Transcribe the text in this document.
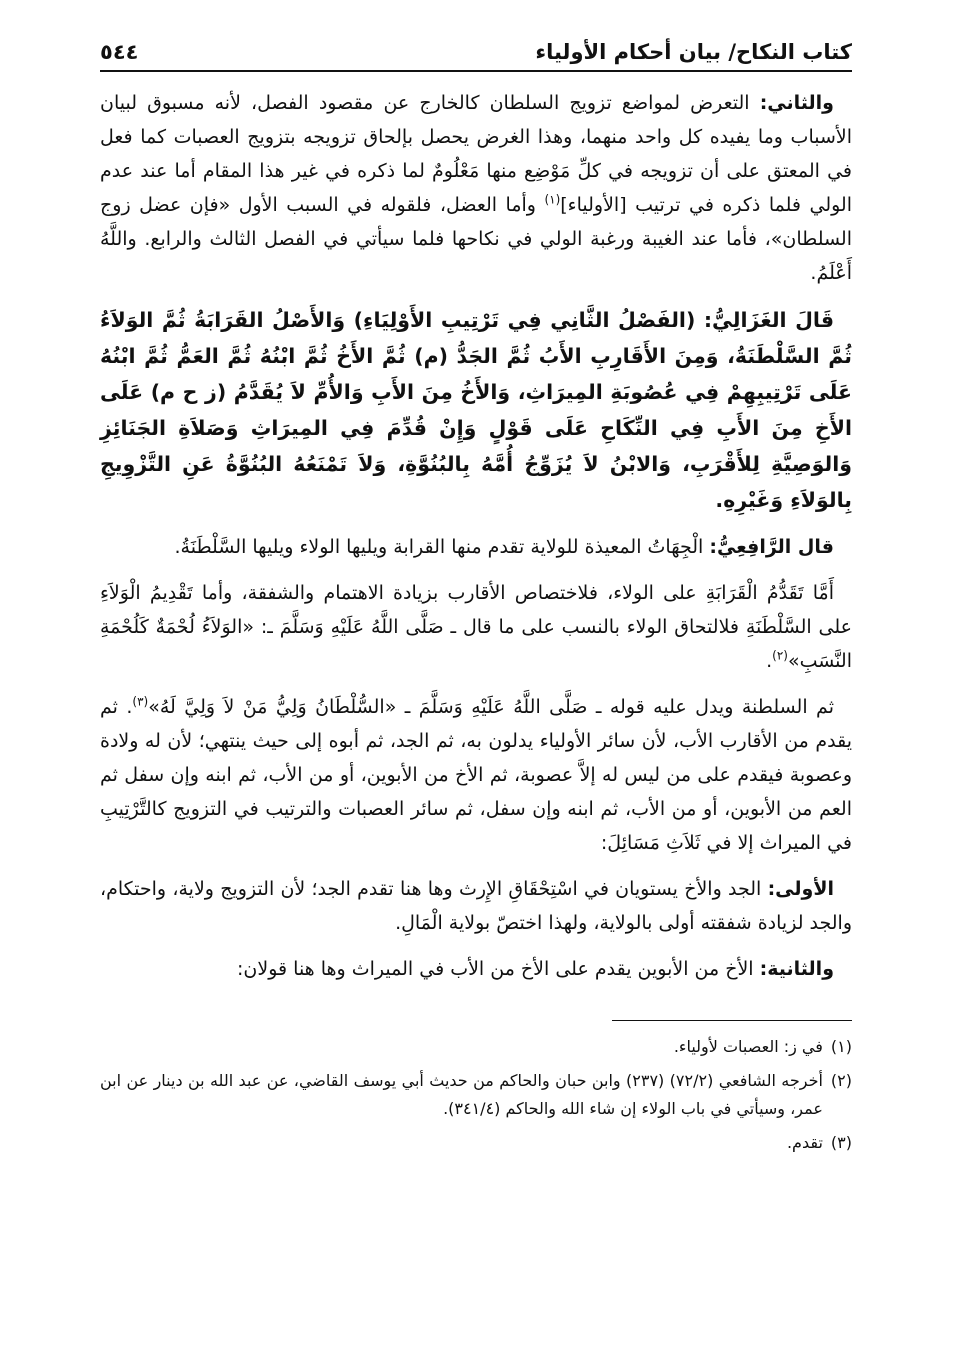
كتاب النكاح/ بيان أحكام الأولياء
٥٤٤

والثاني: التعرض لمواضع تزويج السلطان كالخارج عن مقصود الفصل، لأنه مسبوق لبيان الأسباب وما يفيده كل واحد منهما، وهذا الغرض يحصل بإلحاق تزويجه بتزويج العصبات كما فعل في المعتق على أن تزويجه في كلِّ مَوْضِع منها مَعْلُومٌ لما ذكره في غير هذا المقام أما عند عدم الولي فلما ذكره في ترتيب [الأولياء]$^{(١)}$ وأما العضل، فلقوله في السبب الأول «فإن عضل زوج السلطان»، فأما عند الغيبة ورغبة الولي في نكاحها فلما سيأتي في الفصل الثالث والرابع. واللَّهُ أَعْلَمُ.

قَالَ الغَزَالِيُّ: (الفَصْلُ الثَّانِي فِي تَرْتِيبِ الأَوْلِيَاءِ) وَالأَصْلُ القَرَابَةُ ثُمَّ الوَلاَءُ ثُمَّ السَّلْطَنَةُ، وَمِنَ الأَقَارِبِ الأَبُ ثُمَّ الجَدُّ (م) ثُمَّ الأَخُ ثُمَّ ابْنُهُ ثُمَّ العَمُّ ثُمَّ ابْنُهُ عَلَى تَرْتِيبِهِمْ فِي عُصُوبَةِ المِيرَاثِ، وَالأَخُ مِنَ الأَبِ وَالأُمِّ لاَ يُقَدَّمُ (ز ح م) عَلَى الأَخِ مِنَ الأَبِ فِي النِّكَاحِ عَلَى قَوْلٍ وَإِنْ قُدِّمَ فِي المِيرَاثِ وَصَلاَةِ الجَنَائِزِ وَالوَصِيَّةِ لِلأَقْرَبِ، وَالابْنُ لاَ يُزَوِّجُ أُمَّهُ بِالبُنُوَّةِ، وَلاَ تَمْنَعُهُ البُنُوَّةُ عَنِ التَّزْوِيجِ بِالوَلاَءِ وَغَيْرِهِ.

قال الرَّافِعِيُّ: الْجِهَاتُ المعيذة للولاية تقدم منها القرابة ويليها الولاء ويليها السَّلْطَنَةُ.

أَمَّا تَقَدُّمُ الْقَرَابَةِ على الولاء، فلاختصاص الأقارب بزيادة الاهتمام والشفقة، وأما تَقْدِيمُ الْوَلاَءِ على السَّلْطَنَةِ فلالتحاق الولاء بالنسب على ما قال ـ صَلَّى اللَّهُ عَلَيْهِ وَسَلَّمَ ـ: «الوَلاَءُ لُحْمَةٌ كَلُحْمَةِ النَّسَبِ»$^{(٢)}$.

ثم السلطنة ويدل عليه قوله ـ صَلَّى اللَّهُ عَلَيْهِ وَسَلَّمَ ـ «السُّلْطَانُ وَلِيُّ مَنْ لاَ وَلِيَّ لَهُ»$^{(٣)}$. ثم يقدم من الأقارب الأب، لأن سائر الأولياء يدلون به، ثم الجد، ثم أبوه إلى حيث ينتهي؛ لأن له ولادة وعصوبة فيقدم على من ليس له إلاَّ عصوبة، ثم الأخ من الأبوين، أو من الأب، ثم ابنه وإن سفل ثم العم من الأبوين، أو من الأب، ثم ابنه وإن سفل، ثم سائر العصبات والترتيب في التزويج كالتَّرْتِيبِ في الميراث إلا في ثَلاَثِ مَسَائِلَ:

الأولى: الجد والأخ يستويان في اسْتِحْقَاقِ الإِرث وها هنا تقدم الجد؛ لأن التزويج ولاية، واحتكام، والجد لزيادة شفقته أولى بالولاية، ولهذا اختصّ بولاية الْمَالِ.

والثانية: الأخ من الأبوين يقدم على الأخ من الأب في الميراث وها هنا قولان:

(١)
في ز: العصبات لأولياء.
(٢)
أخرجه الشافعي (٧٢/٢) (٢٣٧) وابن حبان والحاكم من حديث أبي يوسف القاضي، عن عبد الله بن دينار عن ابن عمر، وسيأتي في باب الولاء إن شاء الله والحاكم (٣٤١/٤).
(٣)
تقدم.
